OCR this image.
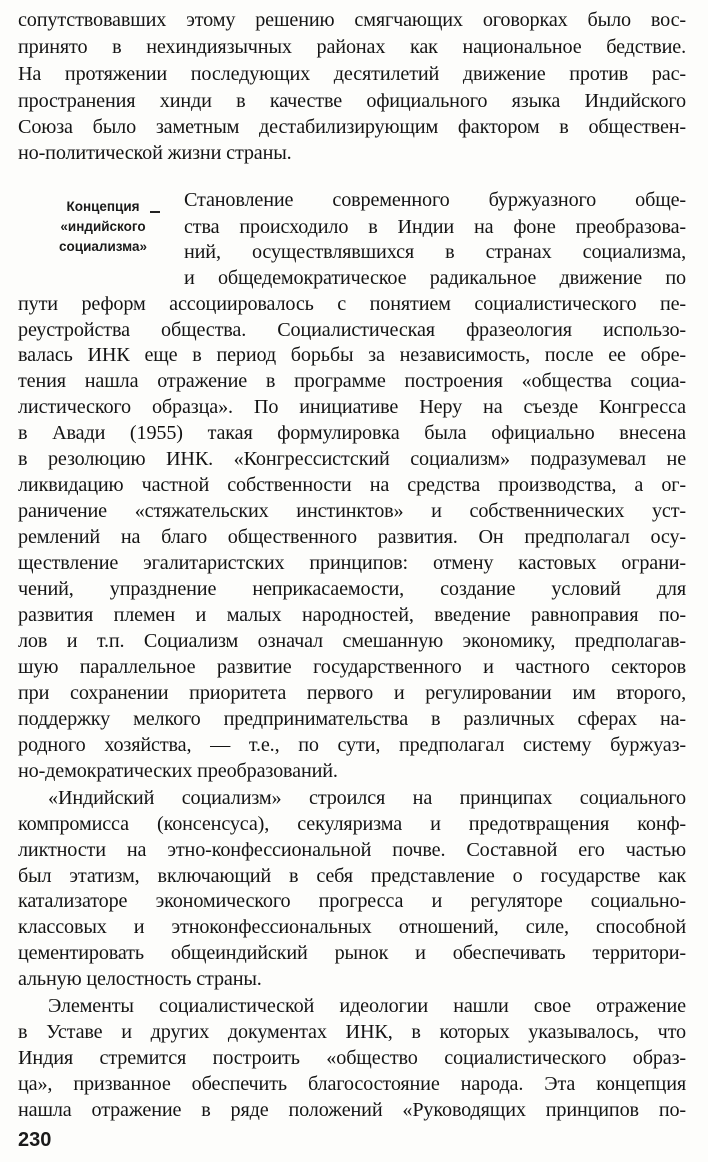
сопутствовавших этому решению смягчающих оговорках было вос-
принято в нехиндиязычных районах как национальное бедствие.
На протяжении последующих десятилетий движение против рас-
пространения хинди в качестве официального языка Индийского
Союза было заметным дестабилизирующим фактором в обществен-
но-политической жизни страны.
Концепция
«индийского
социализма»
Становление современного буржуазного обще-
ства происходило в Индии на фоне преобразова-
ний, осуществлявшихся в странах социализма,
и общедемократическое радикальное движение по
пути реформ ассоциировалось с понятием социалистического пе-
реустройства общества. Социалистическая фразеология использо-
валась ИНК еще в период борьбы за независимость, после ее обре-
тения нашла отражение в программе построения «общества социа-
листического образца». По инициативе Неру на съезде Конгресса
в Авади (1955) такая формулировка была официально внесена
в резолюцию ИНК. «Конгрессистский социализм» подразумевал не
ликвидацию частной собственности на средства производства, а ог-
раничение «стяжательских инстинктов» и собственнических уст-
ремлений на благо общественного развития. Он предполагал осу-
ществление эгалитаристских принципов: отмену кастовых ограни-
чений, упразднение неприкасаемости, создание условий для
развития племен и малых народностей, введение равноправия по-
лов и т.п. Социализм означал смешанную экономику, предполагав-
шую параллельное развитие государственного и частного секторов
при сохранении приоритета первого и регулировании им второго,
поддержку мелкого предпринимательства в различных сферах на-
родного хозяйства, — т.е., по сути, предполагал систему буржуаз-
но-демократических преобразований.
«Индийский социализм» строился на принципах социального
компромисса (консенсуса), секуляризма и предотвращения конф-
ликтности на этно-конфессиональной почве. Составной его частью
был этатизм, включающий в себя представление о государстве как
катализаторе экономического прогресса и регуляторе социально-
классовых и этноконфессиональных отношений, силе, способной
цементировать общеиндийский рынок и обеспечивать территори-
альную целостность страны.
Элементы социалистической идеологии нашли свое отражение
в Уставе и других документах ИНК, в которых указывалось, что
Индия стремится построить «общество социалистического образ-
ца», призванное обеспечить благосостояние народа. Эта концепция
нашла отражение в ряде положений «Руководящих принципов по-
230
